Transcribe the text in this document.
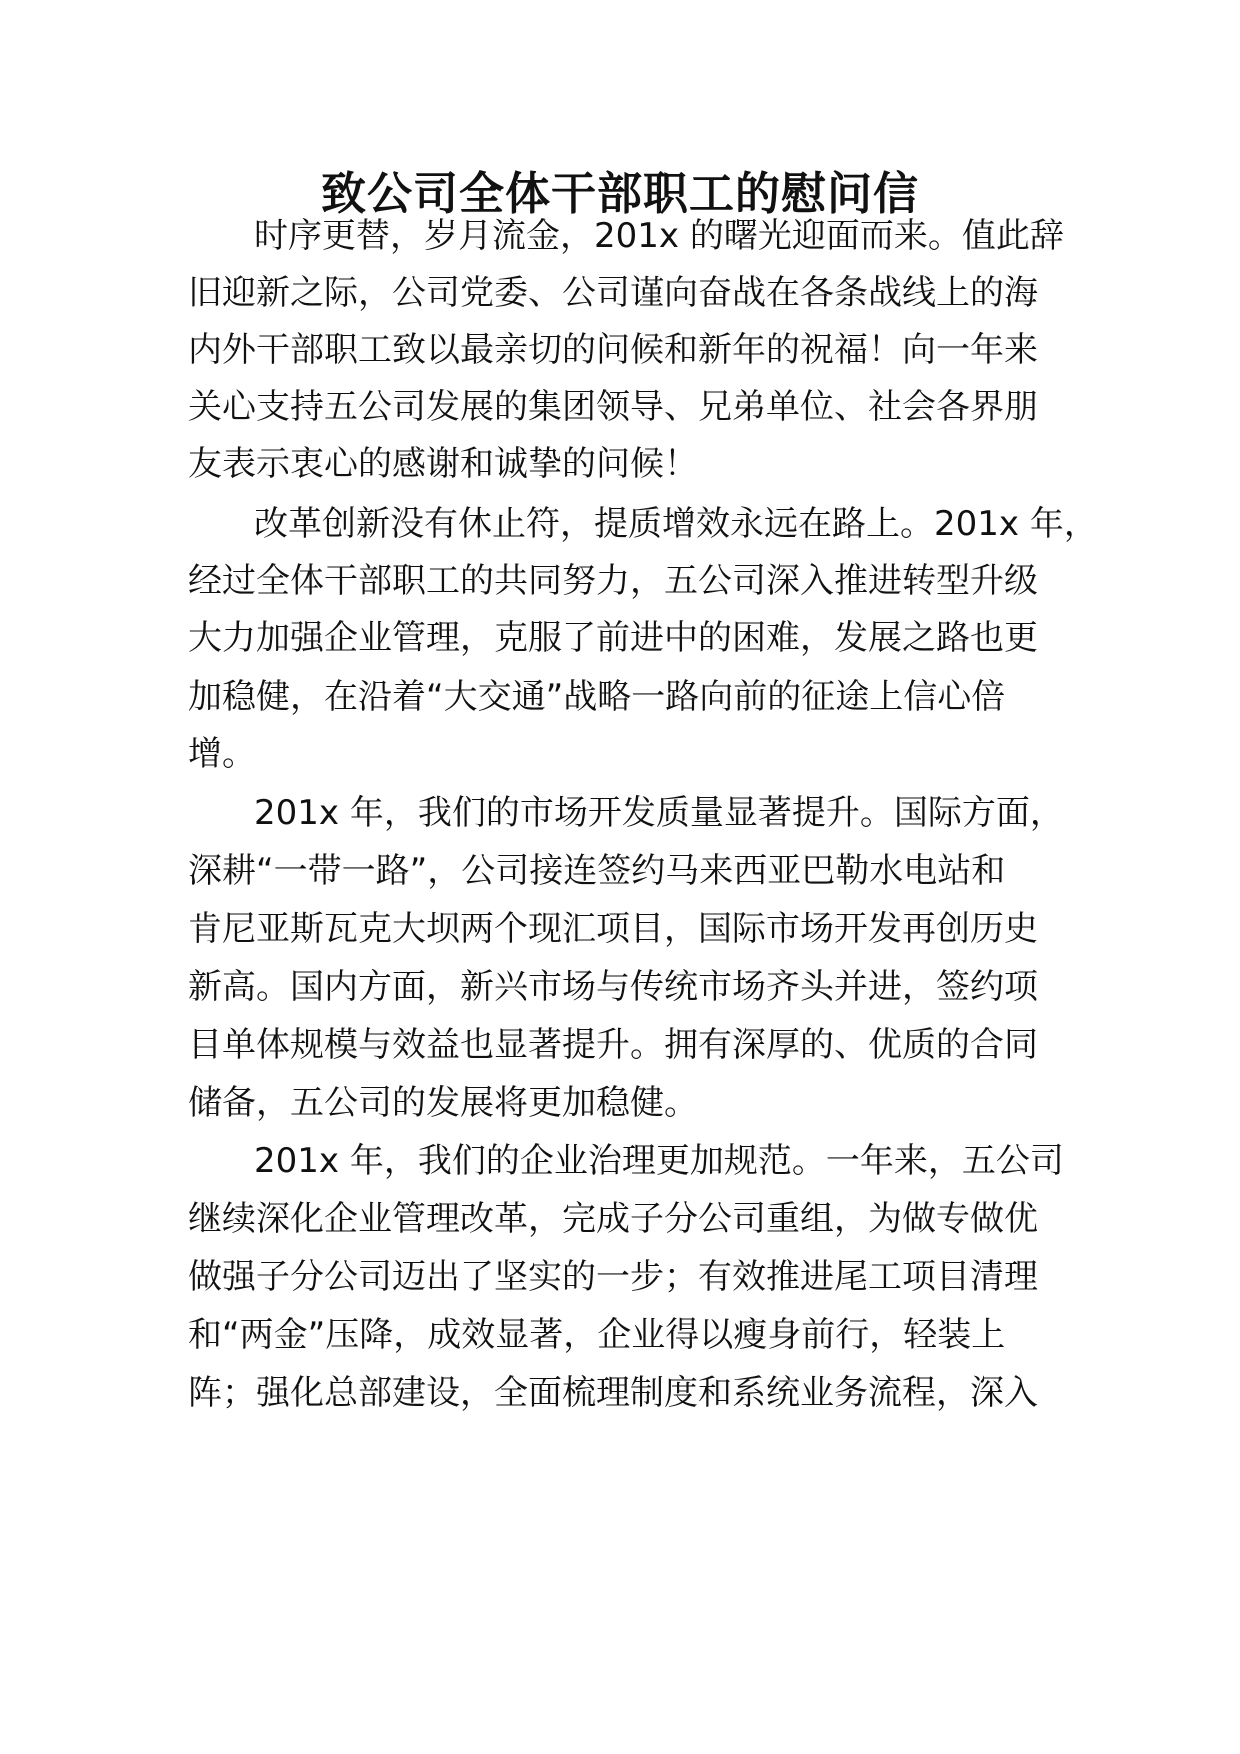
致公司全体干部职工的慰问信
时序更替，岁月流金，201x 的曙光迎面而来。值此辞
旧迎新之际，公司党委、公司谨向奋战在各条战线上的海
内外干部职工致以最亲切的问候和新年的祝福！向一年来
关心支持五公司发展的集团领导、兄弟单位、社会各界朋
友表示衷心的感谢和诚挚的问候！
改革创新没有休止符，提质增效永远在路上。201x 年，
经过全体干部职工的共同努力，五公司深入推进转型升级
大力加强企业管理，克服了前进中的困难，发展之路也更
加稳健，在沿着“大交通”战略一路向前的征途上信心倍
增。
201x 年，我们的市场开发质量显著提升。国际方面，
深耕“一带一路”，公司接连签约马来西亚巴勒水电站和
肯尼亚斯瓦克大坝两个现汇项目，国际市场开发再创历史
新高。国内方面，新兴市场与传统市场齐头并进，签约项
目单体规模与效益也显著提升。拥有深厚的、优质的合同
储备，五公司的发展将更加稳健。
201x 年，我们的企业治理更加规范。一年来，五公司
继续深化企业管理改革，完成子分公司重组，为做专做优
做强子分公司迈出了坚实的一步；有效推进尾工项目清理
和“两金”压降，成效显著，企业得以瘦身前行，轻装上
阵；强化总部建设，全面梳理制度和系统业务流程，深入
